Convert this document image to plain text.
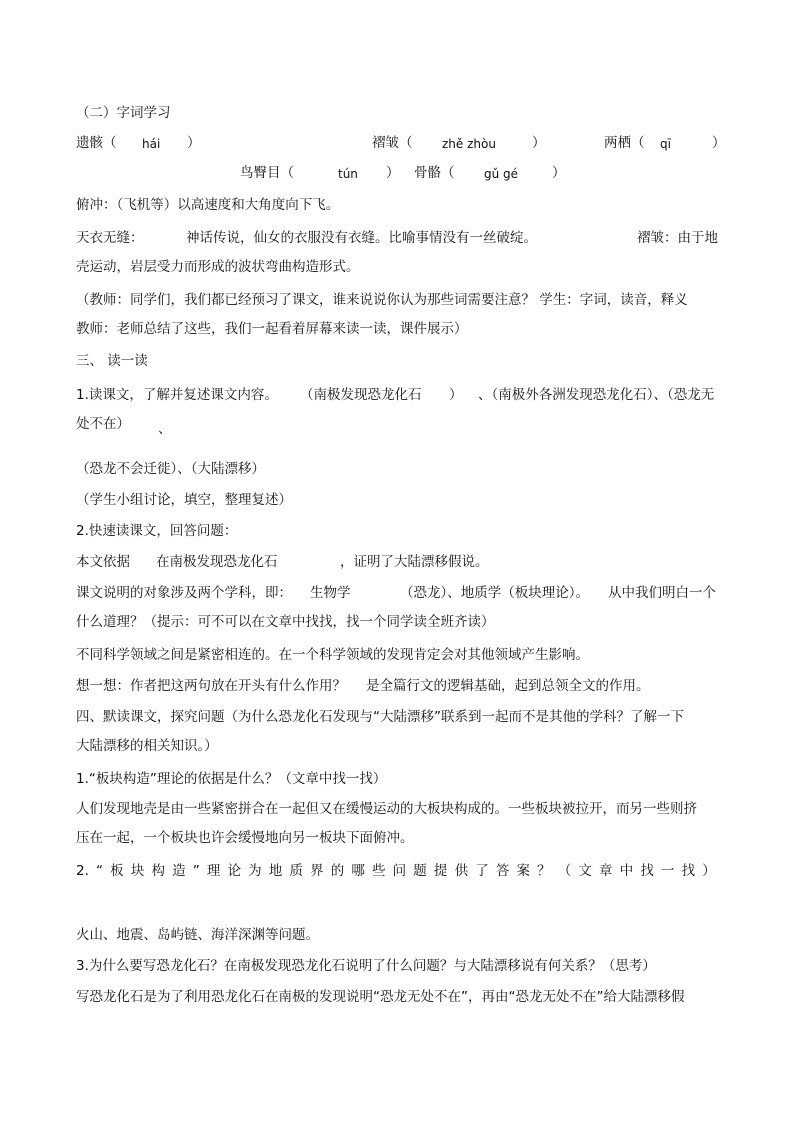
（二）字词学习
遗骸（ hái ）	褶皱（ zhě zhòu	）	两栖（ qī	）
鸟臀目（	tún ） 骨骼（ gǔ gé	）
俯冲：（飞机等）以高速度和大角度向下飞。
天衣无缝：	神话传说，仙女的衣服没有衣缝。比喻事情没有一丝破绽。	褶皱：由于地
壳运动，岩层受力而形成的波状弯曲构造形式。
（教师：同学们，我们都已经预习了课文，谁来说说你认为那些词需要注意？ 学生：字词，读音，释义
教师：老师总结了这些，我们一起看着屏幕来读一读，课件展示）
三、 读一读
1.读课文，了解并复述课文内容。 （南极发现恐龙化石 ） 、（南极外各洲发现恐龙化石）、（恐龙无
处不在） 、
（恐龙不会迁徙）、（大陆漂移）
（学生小组讨论，填空，整理复述）
2.快速读课文，回答问题：
本文依据 在南极发现恐龙化石	，证明了大陆漂移假说。
课文说明的对象涉及两个学科，即： 生物学	（恐龙）、地质学（板块理论）。 从中我们明白一个
什么道理？（提示：可不可以在文章中找找，找一个同学读全班齐读）
不同科学领域之间是紧密相连的。在一个科学领域的发现肯定会对其他领域产生影响。
想一想：作者把这两句放在开头有什么作用？ 是全篇行文的逻辑基础，起到总领全文的作用。
四、默读课文，探究问题（为什么恐龙化石发现与“大陆漂移”联系到一起而不是其他的学科？了解一下
大陆漂移的相关知识。）
1.“板块构造”理论的依据是什么？（文章中找一找）
人们发现地壳是由一些紧密拼合在一起但又在缓慢运动的大板块构成的。一些板块被拉开，而另一些则挤
压在一起，一个板块也许会缓慢地向另一板块下面俯冲。
2. “ 板 块 构 造 ” 理 论 为 地 质 界 的 哪 些 问 题 提 供 了 答 案 ？ （ 文 章 中 找 一 找 ）
火山、地震、岛屿链、海洋深渊等问题。
3.为什么要写恐龙化石？在南极发现恐龙化石说明了什么问题？与大陆漂移说有何关系？（思考）
写恐龙化石是为了利用恐龙化石在南极的发现说明“恐龙无处不在”，再由“恐龙无处不在”给大陆漂移假
